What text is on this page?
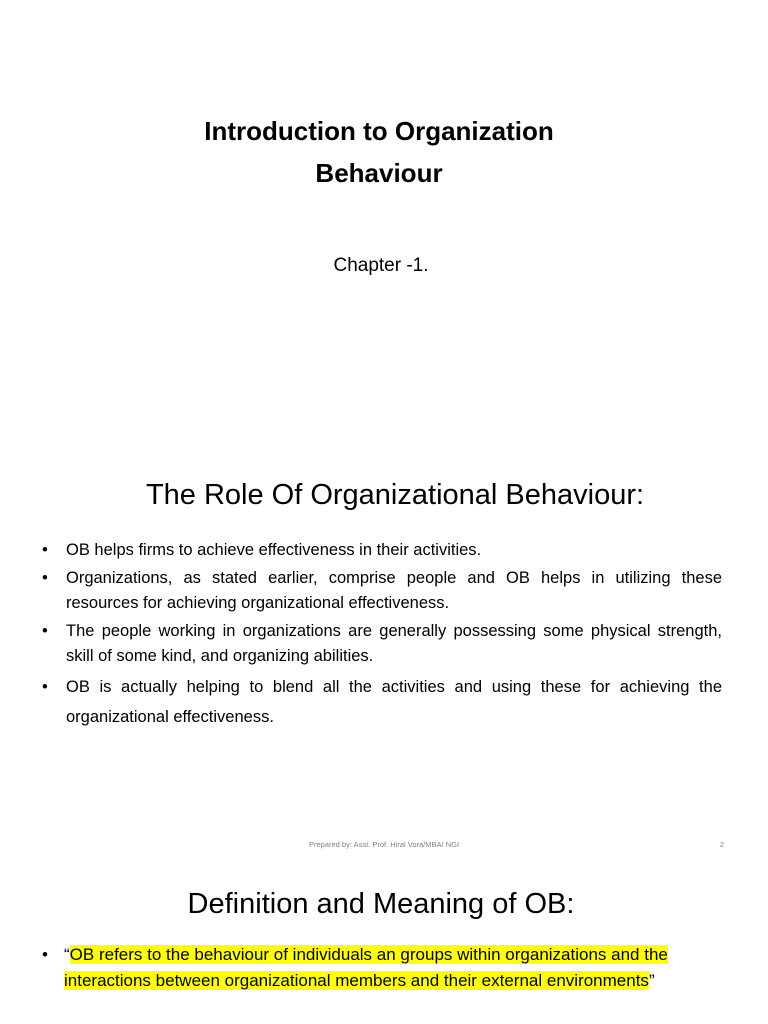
Introduction to Organization
Behaviour
Chapter -1.
The Role Of Organizational Behaviour:
• OB helps firms to achieve effectiveness in their activities.
• Organizations, as stated earlier, comprise people and OB helps in utilizing these resources for achieving organizational effectiveness.
• The people working in organizations are generally possessing some physical strength, skill of some kind, and organizing abilities.
• OB is actually helping to blend all the activities and using these for achieving the organizational effectiveness.
Prepared by: Asst. Prof. Hiral Vora/MBA/ NGI	2
Definition and Meaning of OB:
• “OB refers to the behaviour of individuals an groups within organizations and the interactions between organizational members and their external environments”
